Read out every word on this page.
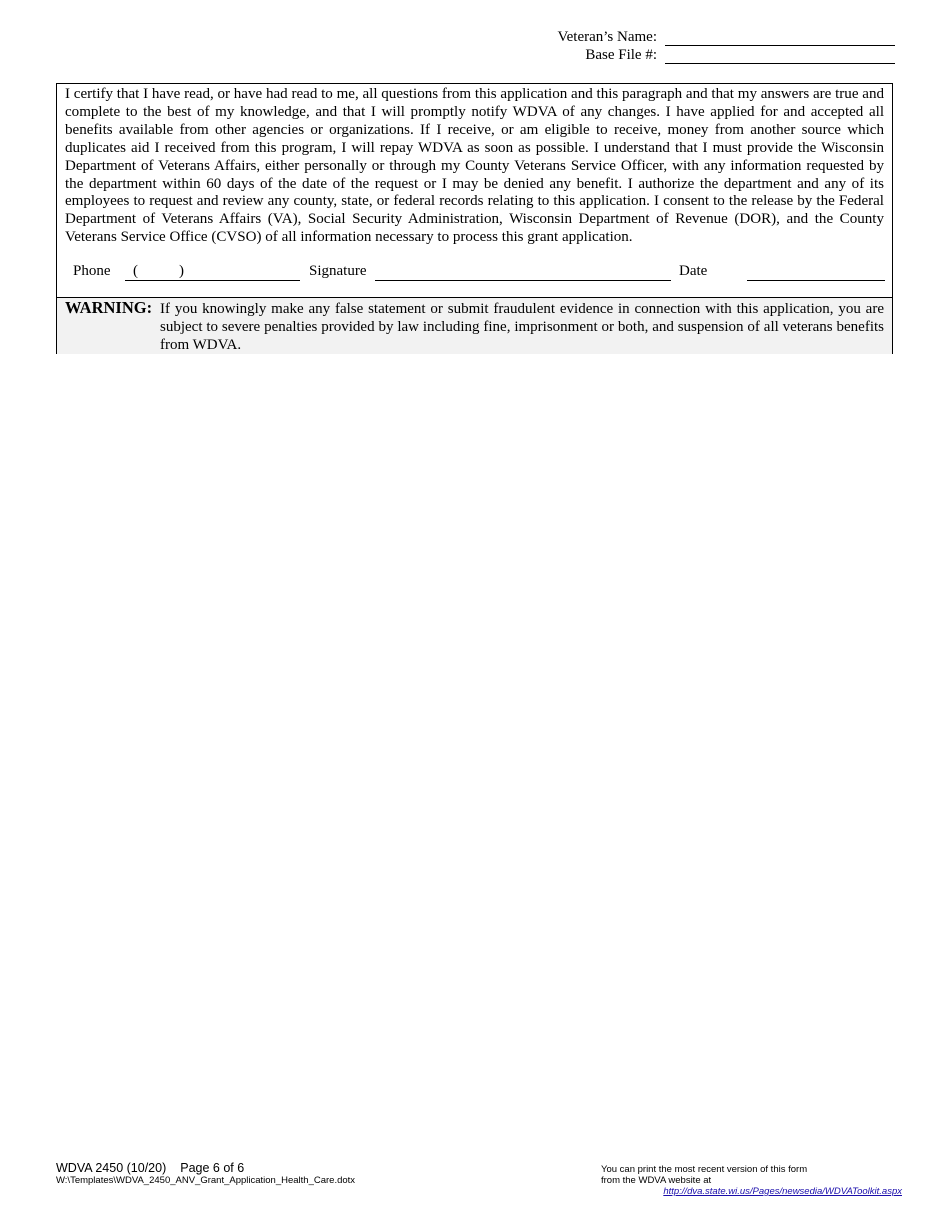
Veteran’s Name:
Base File #:
I certify that I have read, or have had read to me, all questions from this application and this paragraph and that my answers are true and complete to the best of my knowledge, and that I will promptly notify WDVA of any changes. I have applied for and accepted all benefits available from other agencies or organizations. If I receive, or am eligible to receive, money from another source which duplicates aid I received from this program, I will repay WDVA as soon as possible. I understand that I must provide the Wisconsin Department of Veterans Affairs, either personally or through my County Veterans Service Officer, with any information requested by the department within 60 days of the date of the request or I may be denied any benefit. I authorize the department and any of its employees to request and review any county, state, or federal records relating to this application. I consent to the release by the Federal Department of Veterans Affairs (VA), Social Security Administration, Wisconsin Department of Revenue (DOR), and the County Veterans Service Office (CVSO) of all information necessary to process this grant application.
Phone (	)	Signature	Date
WARNING: If you knowingly make any false statement or submit fraudulent evidence in connection with this application, you are subject to severe penalties provided by law including fine, imprisonment or both, and suspension of all veterans benefits from WDVA.
WDVA 2450 (10/20) Page 6 of 6
W:\Templates\WDVA_2450_ANV_Grant_Application_Health_Care.dotx
You can print the most recent version of this form
from the WDVA website at
http://dva.state.wi.us/Pages/newsedia/WDVAToolkit.aspx
